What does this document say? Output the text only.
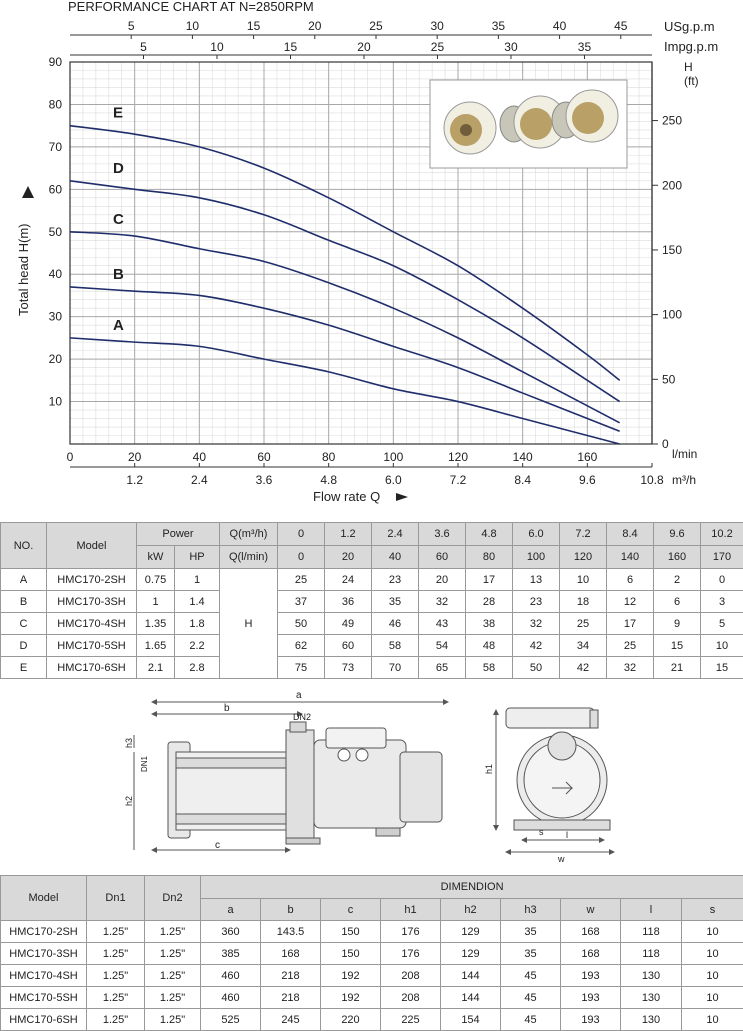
PERFORMANCE CHART AT N=2850RPM
USg.p.m
Impg.p.m
H
(ft)
10
20
30
40
50
60
70
80
90
0	20	40	60	80	100	120	140	160
1.2	2.4	3.6	4.8	6.0	7.2	8.4	9.6	10.8
0
50
100
150
200
250
5	10	15	20	25	30	35	40	45
5	10	15	20	25	30	35
A
B
C
D
E
Total head H(m)
Flow rate Q
l/min
m³/h
NO.	Model	Power		Q(m³/h)	0	1.2	2.4	3.6	4.8	6.0	7.2	8.4	9.6	10.2
		kW	HP	Q(l/min)	0	20	40	60	80	100	120	140	160	170
A	HMC170-2SH	0.75	1	H	25	24	23	20	17	13	10	6	2	0
B	HMC170-3SH	1	1.4		37	36	35	32	28	23	18	12	6	3
C	HMC170-4SH	1.35	1.8		50	49	46	43	38	32	25	17	9	5
D	HMC170-5SH	1.65	2.2		62	60	58	54	48	42	34	25	15	10
E	HMC170-6SH	2.1	2.8		75	73	70	65	58	50	42	32	21	15
a
b
c
DN2
DN1
h3
h2
h1
s	l
w
Model	Dn1	Dn2	DIMENDION								
			a	b	c	h1	h2	h3	w	l	s
HMC170-2SH	1.25"	1.25"	360	143.5	150	176	129	35	168	118	10
HMC170-3SH	1.25"	1.25"	385	168	150	176	129	35	168	118	10
HMC170-4SH	1.25"	1.25"	460	218	192	208	144	45	193	130	10
HMC170-5SH	1.25"	1.25"	460	218	192	208	144	45	193	130	10
HMC170-6SH	1.25"	1.25"	525	245	220	225	154	45	193	130	10
